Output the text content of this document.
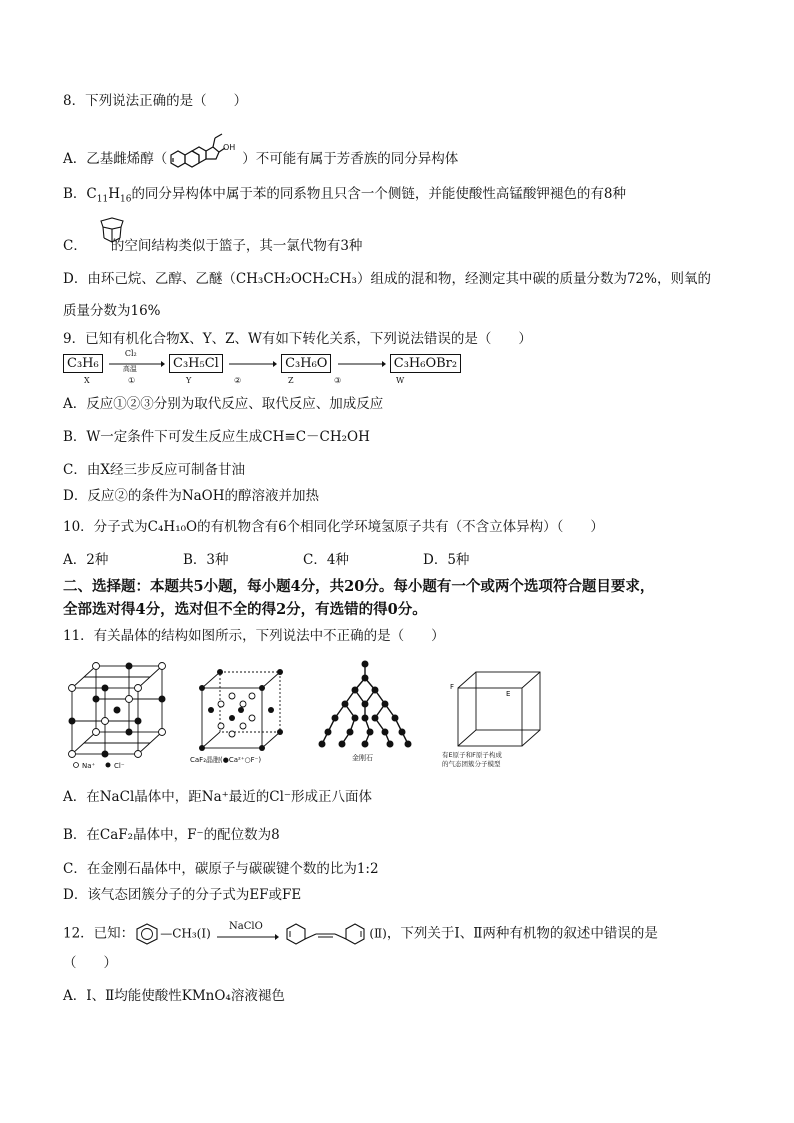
8．下列说法正确的是（　　）
A．乙基雌烯醇（	）不可能有属于芳香族的同分异构体
OH
B．$C_{11}H_{16}$的同分异构体中属于苯的同系物且只含一个侧链，并能使酸性高锰酸钾褪色的有8种
C． 的空间结构类似于篮子，其一氯代物有3种
D．由环己烷、乙醇、乙醚（CH₃CH₂OCH₂CH₃）组成的混和物，经测定其中碳的质量分数为72%，则氧的
质量分数为16%
9．已知有机化合物X、Y、Z、W有如下转化关系，下列说法错误的是（　　）
C₃H₆
Cl₂
高温	C₃H₅Cl	C₃H₆O	C₃H₆OBr₂
X	①	Y	②	Z	③	W
A．反应①②③分别为取代反应、取代反应、加成反应
B．W一定条件下可发生反应生成CH≡C－CH₂OH
C．由X经三步反应可制备甘油
D．反应②的条件为NaOH的醇溶液并加热
10．分子式为C₄H₁₀O的有机物含有6个相同化学环境氢原子共有（不含立体异构）（　　）
A．2种	B．3种	C．4种	D．5种
二、选择题：本题共5小题，每小题4分，共20分。每小题有一个或两个选项符合题目要求，
全部选对得4分，选对但不全的得2分，有选错的得0分。
11．有关晶体的结构如图所示，下列说法中不正确的是（　　）
Na⁺	Cl⁻
CaF₂晶胞(●Ca²⁺○F⁻)	金刚石
F
E
有E原子和F原子构成
的气态团簇分子模型
A．在NaCl晶体中，距Na⁺最近的Cl⁻形成正八面体
B．在CaF₂晶体中，F⁻的配位数为8
C．在金刚石晶体中，碳原子与碳碳键个数的比为1:2
D．该气态团簇分子的分子式为EF或FE
12．已知： —CH₃(Ⅰ) NaClO	(Ⅱ)，下列关于Ⅰ、Ⅱ两种有机物的叙述中错误的是
（　　）
A．Ⅰ、Ⅱ均能使酸性KMnO₄溶液褪色
